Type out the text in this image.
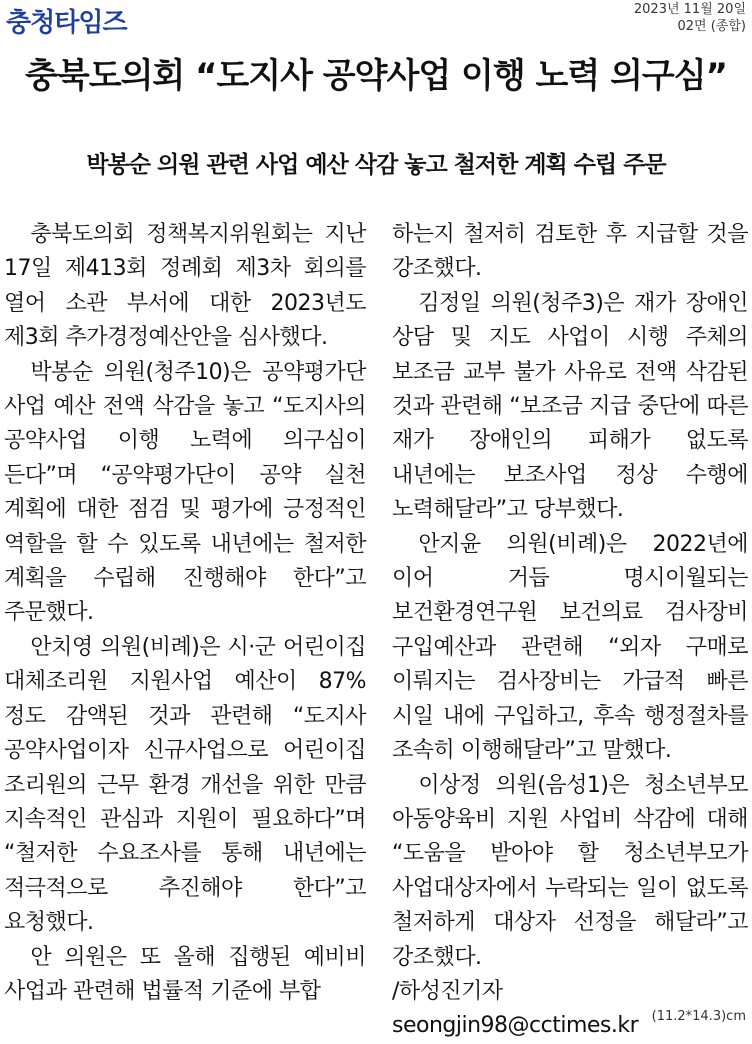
충청타임즈	2023년 11월 20일
02면 (종합)
충북도의회 “도지사 공약사업 이행 노력 의구심”
박봉순 의원 관련 사업 예산 삭감 놓고 철저한 계획 수립 주문

충북도의회 정책복지위원회는 지난 17일 제413회 정례회 제3차 회의를 열어 소관 부서에 대한 2023년도 제3회 추가경정예산안을 심사했다.

박봉순 의원(청주10)은 공약평가단 사업 예산 전액 삭감을 놓고 “도지사의 공약사업 이행 노력에 의구심이 든다”며 “공약평가단이 공약 실천 계획에 대한 점검 및 평가에 긍정적인 역할을 할 수 있도록 내년에는 철저한 계획을 수립해 진행해야 한다”고 주문했다.

안치영 의원(비례)은 시·군 어린이집 대체조리원 지원사업 예산이 87% 정도 감액된 것과 관련해 “도지사 공약사업이자 신규사업으로 어린이집 조리원의 근무 환경 개선을 위한 만큼 지속적인 관심과 지원이 필요하다”며 “철저한 수요조사를 통해 내년에는 적극적으로 추진해야 한다”고 요청했다.

안 의원은 또 올해 집행된 예비비 사업과 관련해 법률적 기준에 부합

하는지 철저히 검토한 후 지급할 것을 강조했다.

김정일 의원(청주3)은 재가 장애인 상담 및 지도 사업이 시행 주체의 보조금 교부 불가 사유로 전액 삭감된 것과 관련해 “보조금 지급 중단에 따른 재가 장애인의 피해가 없도록 내년에는 보조사업 정상 수행에 노력해달라”고 당부했다.

안지윤 의원(비례)은 2022년에 이어 거듭 명시이월되는 보건환경연구원 보건의료 검사장비 구입예산과 관련해 “외자 구매로 이뤄지는 검사장비는 가급적 빠른 시일 내에 구입하고, 후속 행정절차를 조속히 이행해달라”고 말했다.

이상정 의원(음성1)은 청소년부모 아동양육비 지원 사업비 삭감에 대해 “도움을 받아야 할 청소년부모가 사업대상자에서 누락되는 일이 없도록 철저하게 대상자 선정을 해달라”고 강조했다.

/하성진기자

seongjin98@cctimes.kr	(11.2*14.3)cm
